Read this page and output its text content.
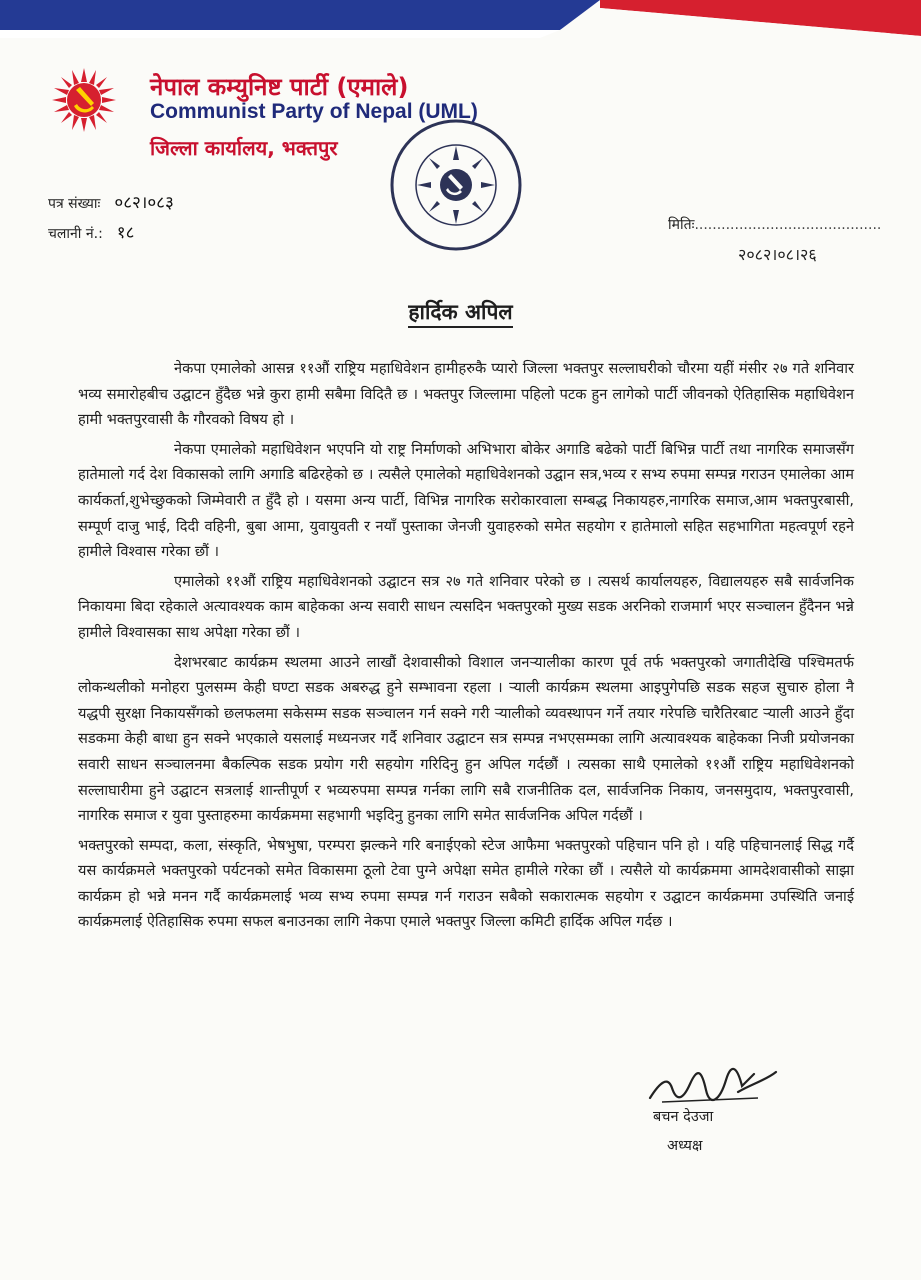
नेपाल कम्युनिष्ट पार्टी (एमाले)
Communist Party of Nepal (UML)
जिल्ला कार्यालय, भक्तपुर
पत्र संख्याः ०८२।०८३
चलानी नं.: १८	मितिः..........................................
२०८२।०८।२६
हार्दिक अपिल

नेकपा एमालेको आसन्न ११औं राष्ट्रिय महाधिवेशन हामीहरुकै प्यारो जिल्ला भक्तपुर सल्लाघरीको चौरमा यहीं मंसीर २७ गते शनिवार भव्य समारोहबीच उद्घाटन हुँदैछ भन्ने कुरा हामी सबैमा विदितै छ । भक्तपुर जिल्लामा पहिलो पटक हुन लागेको पार्टी जीवनको ऐतिहासिक महाधिवेशन हामी भक्तपुरवासी कै गौरवको विषय हो ।

नेकपा एमालेको महाधिवेशन भएपनि यो राष्ट्र निर्माणको अभिभारा बोकेर अगाडि बढेको पार्टी बिभिन्न पार्टी तथा नागरिक समाजसँग हातेमालो गर्द देश विकासको लागि अगाडि बढिरहेको छ । त्यसैले एमालेको महाधिवेशनको उद्घान सत्र,भव्य र सभ्य रुपमा सम्पन्न गराउन एमालेका आम कार्यकर्ता,शुभेच्छुकको जिम्मेवारी त हुँदै हो । यसमा अन्य पार्टी, विभिन्न नागरिक सरोकारवाला सम्बद्ध निकायहरु,नागरिक समाज,आम भक्तपुरबासी, सम्पूर्ण दाजु भाई, दिदी वहिनी, बुबा आमा, युवायुवती र नयाँ पुस्ताका जेनजी युवाहरुको समेत सहयोग र हातेमालो सहित सहभागिता महत्वपूर्ण रहने हामीले विश्वास गरेका छौं ।

एमालेको ११औं राष्ट्रिय महाधिवेशनको उद्घाटन सत्र २७ गते शनिवार परेको छ । त्यसर्थ कार्यालयहरु, विद्यालयहरु सबै सार्वजनिक निकायमा बिदा रहेकाले अत्यावश्यक काम बाहेकका अन्य सवारी साधन त्यसदिन भक्तपुरको मुख्य सडक अरनिको राजमार्ग भएर सञ्चालन हुँदैनन भन्ने हामीले विश्वासका साथ अपेक्षा गरेका छौं ।

देशभरबाट कार्यक्रम स्थलमा आउने लाखौं देशवासीको विशाल जनऱ्यालीका कारण पूर्व तर्फ भक्तपुरको जगातीदेखि पश्चिमतर्फ लोकन्थलीको मनोहरा पुलसम्म केही घण्टा सडक अबरुद्ध हुने सम्भावना रहला । ऱ्याली कार्यक्रम स्थलमा आइपुगेपछि सडक सहज सुचारु होला नै यद्धपी सुरक्षा निकायसँगको छलफलमा सकेसम्म सडक सञ्चालन गर्न सक्ने गरी ऱ्यालीको व्यवस्थापन गर्ने तयार गरेपछि चारैतिरबाट ऱ्याली आउने हुँदा सडकमा केही बाधा हुन सक्ने भएकाले यसलाई मध्यनजर गर्दै शनिवार उद्घाटन सत्र सम्पन्न नभएसम्मका लागि अत्यावश्यक बाहेकका निजी प्रयोजनका सवारी साधन सञ्चालनमा बैकल्पिक सडक प्रयोग गरी सहयोग गरिदिनु हुन अपिल गर्दछौं । त्यसका साथै एमालेको ११औं राष्ट्रिय महाधिवेशनको सल्लाघारीमा हुने उद्घाटन सत्रलाई शान्तीपूर्ण र भव्यरुपमा सम्पन्न गर्नका लागि सबै राजनीतिक दल, सार्वजनिक निकाय, जनसमुदाय, भक्तपुरवासी, नागरिक समाज र युवा पुस्ताहरुमा कार्यक्रममा सहभागी भइदिनु हुनका लागि समेत सार्वजनिक अपिल गर्दछौं ।

भक्तपुरको सम्पदा, कला, संस्कृति, भेषभुषा, परम्परा झल्कने गरि बनाईएको स्टेज आफैमा भक्तपुरको पहिचान पनि हो । यहि पहिचानलाई सिद्ध गर्दै यस कार्यक्रमले भक्तपुरको पर्यटनको समेत विकासमा ठूलो टेवा पुग्ने अपेक्षा समेत हामीले गरेका छौं । त्यसैले यो कार्यक्रममा आमदेशवासीको साझा कार्यक्रम हो भन्ने मनन गर्दै कार्यक्रमलाई भव्य सभ्य रुपमा सम्पन्न गर्न गराउन सबैको सकारात्मक सहयोग र उद्घाटन कार्यक्रममा उपस्थिति जनाई कार्यक्रमलाई ऐतिहासिक रुपमा सफल बनाउनका लागि नेकपा एमाले भक्तपुर जिल्ला कमिटी हार्दिक अपिल गर्दछ ।

बचन देउजा
अध्यक्ष
